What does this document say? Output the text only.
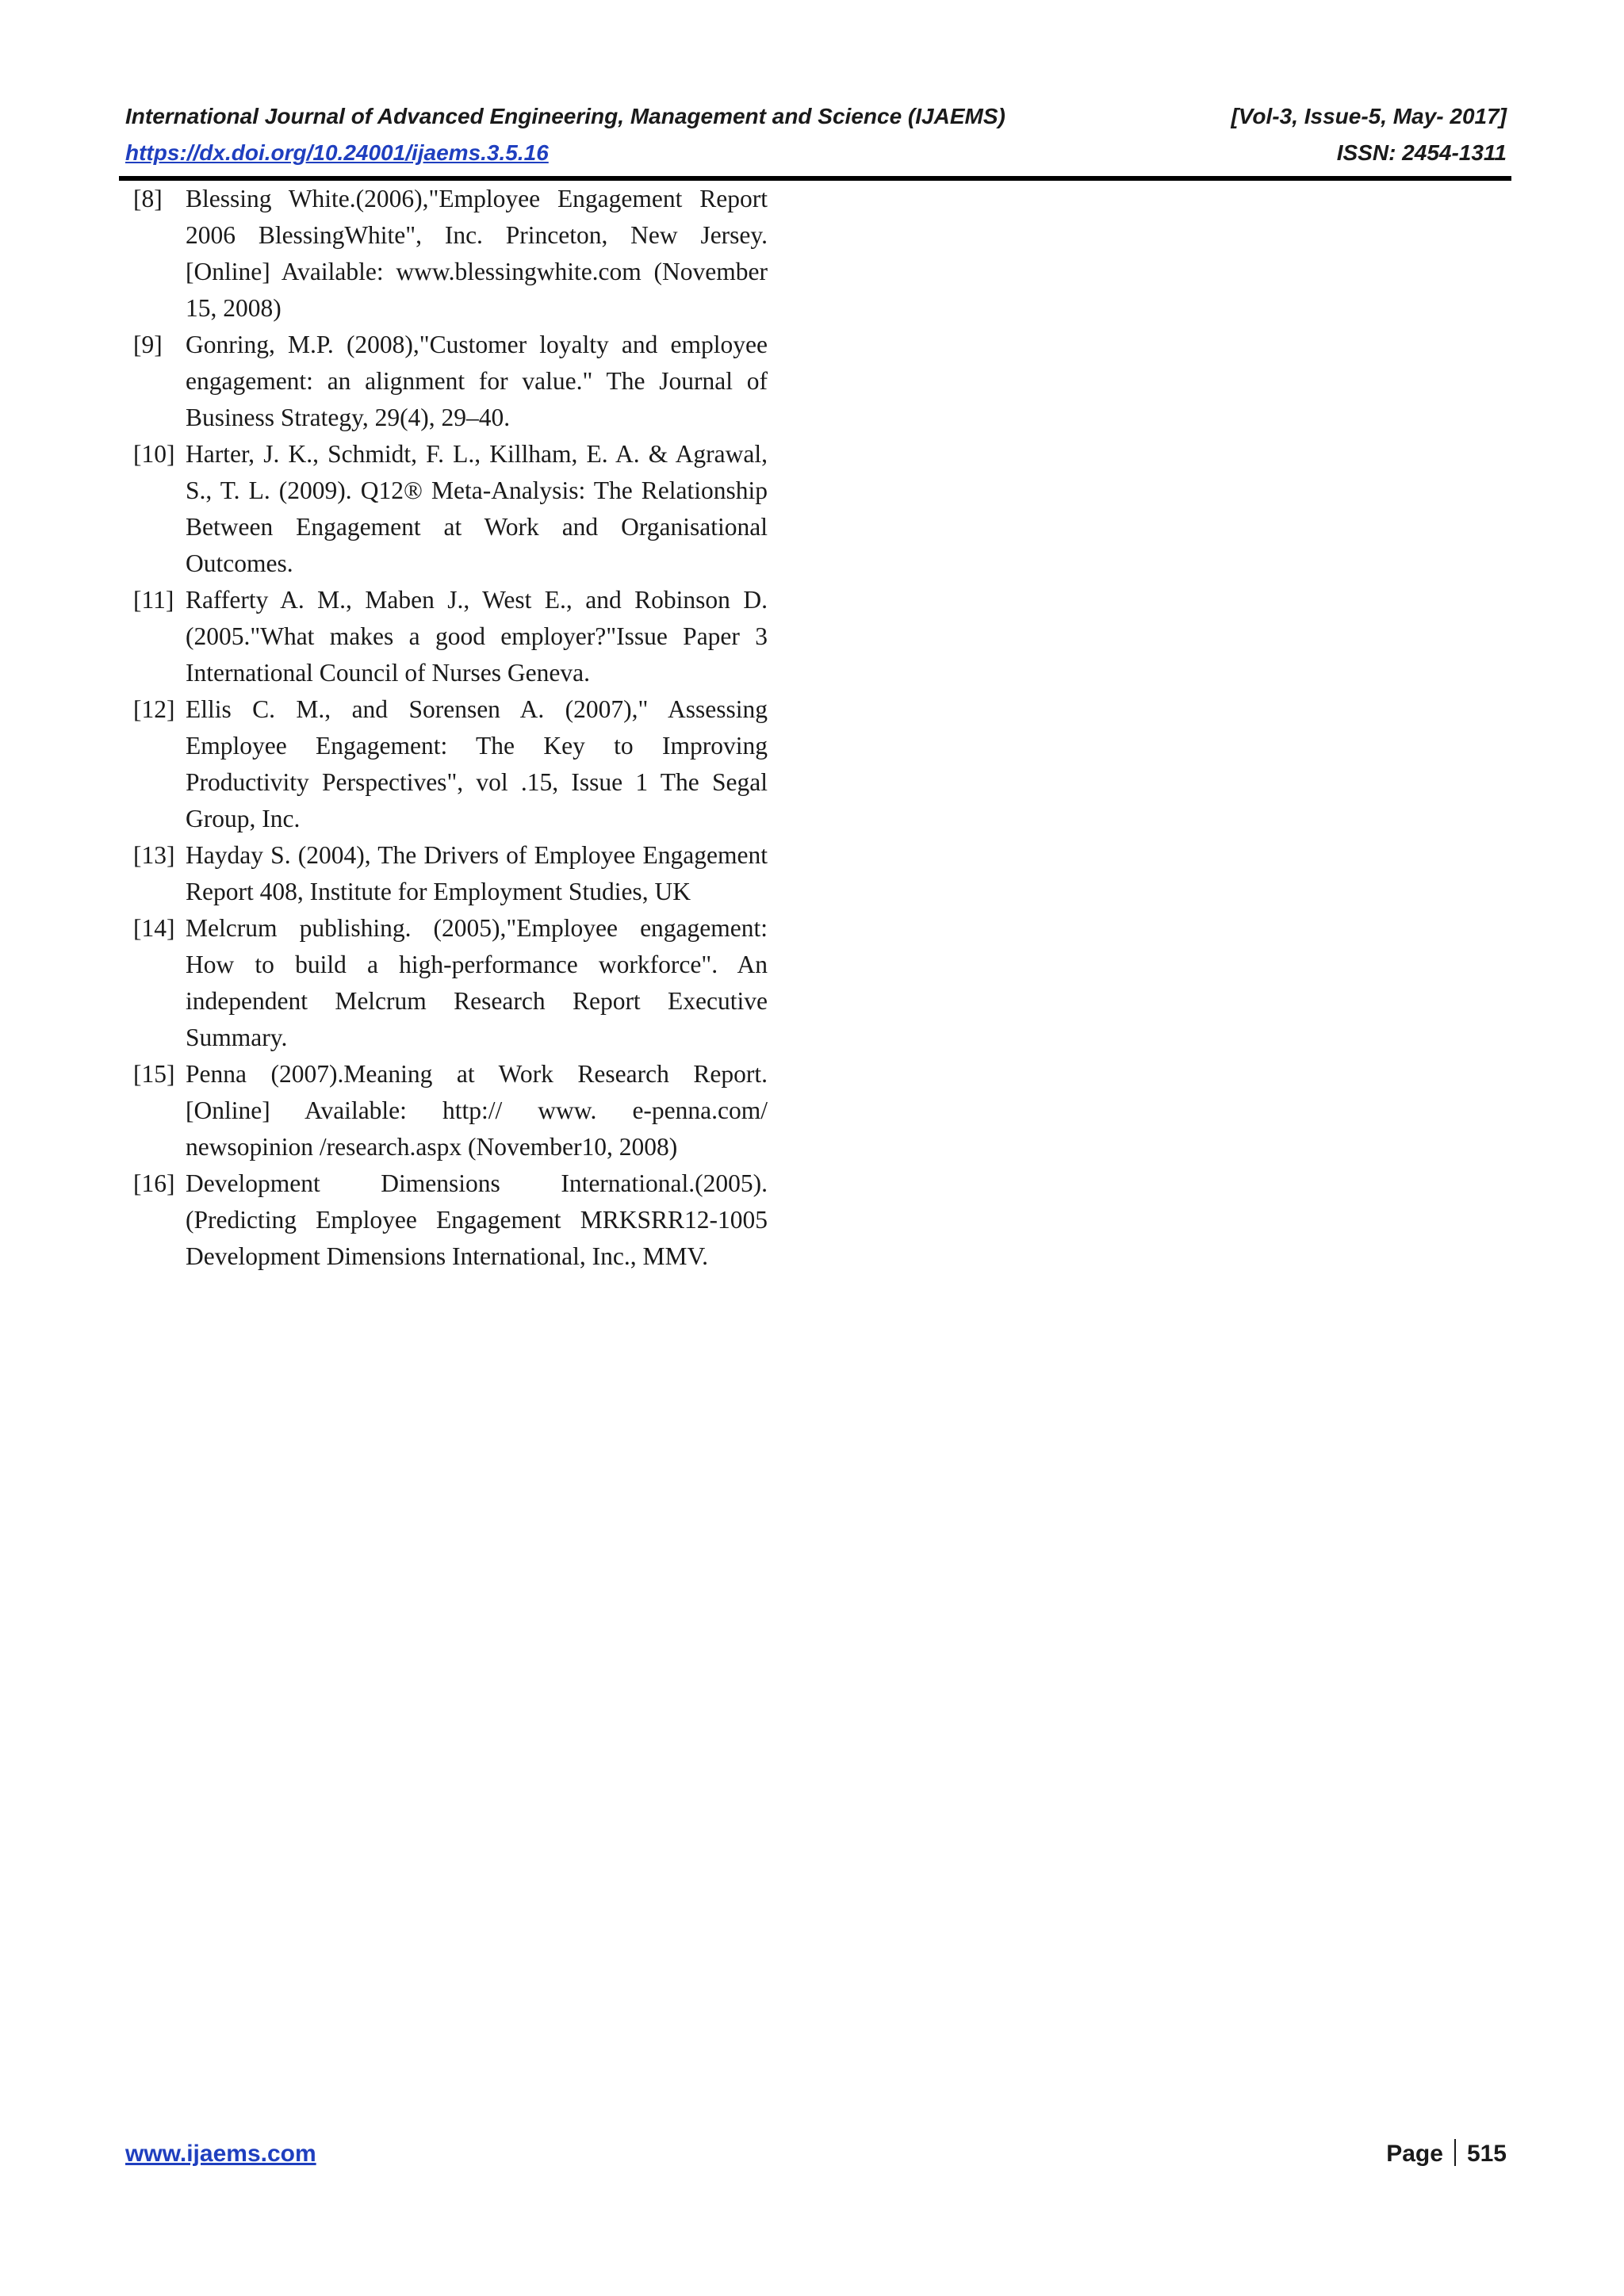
International Journal of Advanced Engineering, Management and Science (IJAEMS)	[Vol-3, Issue-5, May- 2017]
https://dx.doi.org/10.24001/ijaems.3.5.16	ISSN: 2454-1311
[8] Blessing White.(2006),"Employee Engagement Report 2006 BlessingWhite", Inc. Princeton, New Jersey. [Online] Available: www.blessingwhite.com (November 15, 2008)
[9] Gonring, M.P. (2008),"Customer loyalty and employee engagement: an alignment for value." The Journal of Business Strategy, 29(4), 29–40.
[10] Harter, J. K., Schmidt, F. L., Killham, E. A. & Agrawal, S., T. L. (2009). Q12® Meta-Analysis: The Relationship Between Engagement at Work and Organisational Outcomes.
[11] Rafferty A. M., Maben J., West E., and Robinson D. (2005."What makes a good employer?"Issue Paper 3 International Council of Nurses Geneva.
[12] Ellis C. M., and Sorensen A. (2007)," Assessing Employee Engagement: The Key to Improving Productivity Perspectives", vol .15, Issue 1 The Segal Group, Inc.
[13] Hayday S. (2004), The Drivers of Employee Engagement Report 408, Institute for Employment Studies, UK
[14] Melcrum publishing. (2005),"Employee engagement: How to build a high-performance workforce". An independent Melcrum Research Report Executive Summary.
[15] Penna (2007).Meaning at Work Research Report. [Online] Available: http:// www. e-penna.com/ newsopinion /research.aspx (November10, 2008)
[16] Development Dimensions International.(2005). (Predicting Employee Engagement MRKSRR12-1005 Development Dimensions International, Inc., MMV.
www.ijaems.com	Page 515
